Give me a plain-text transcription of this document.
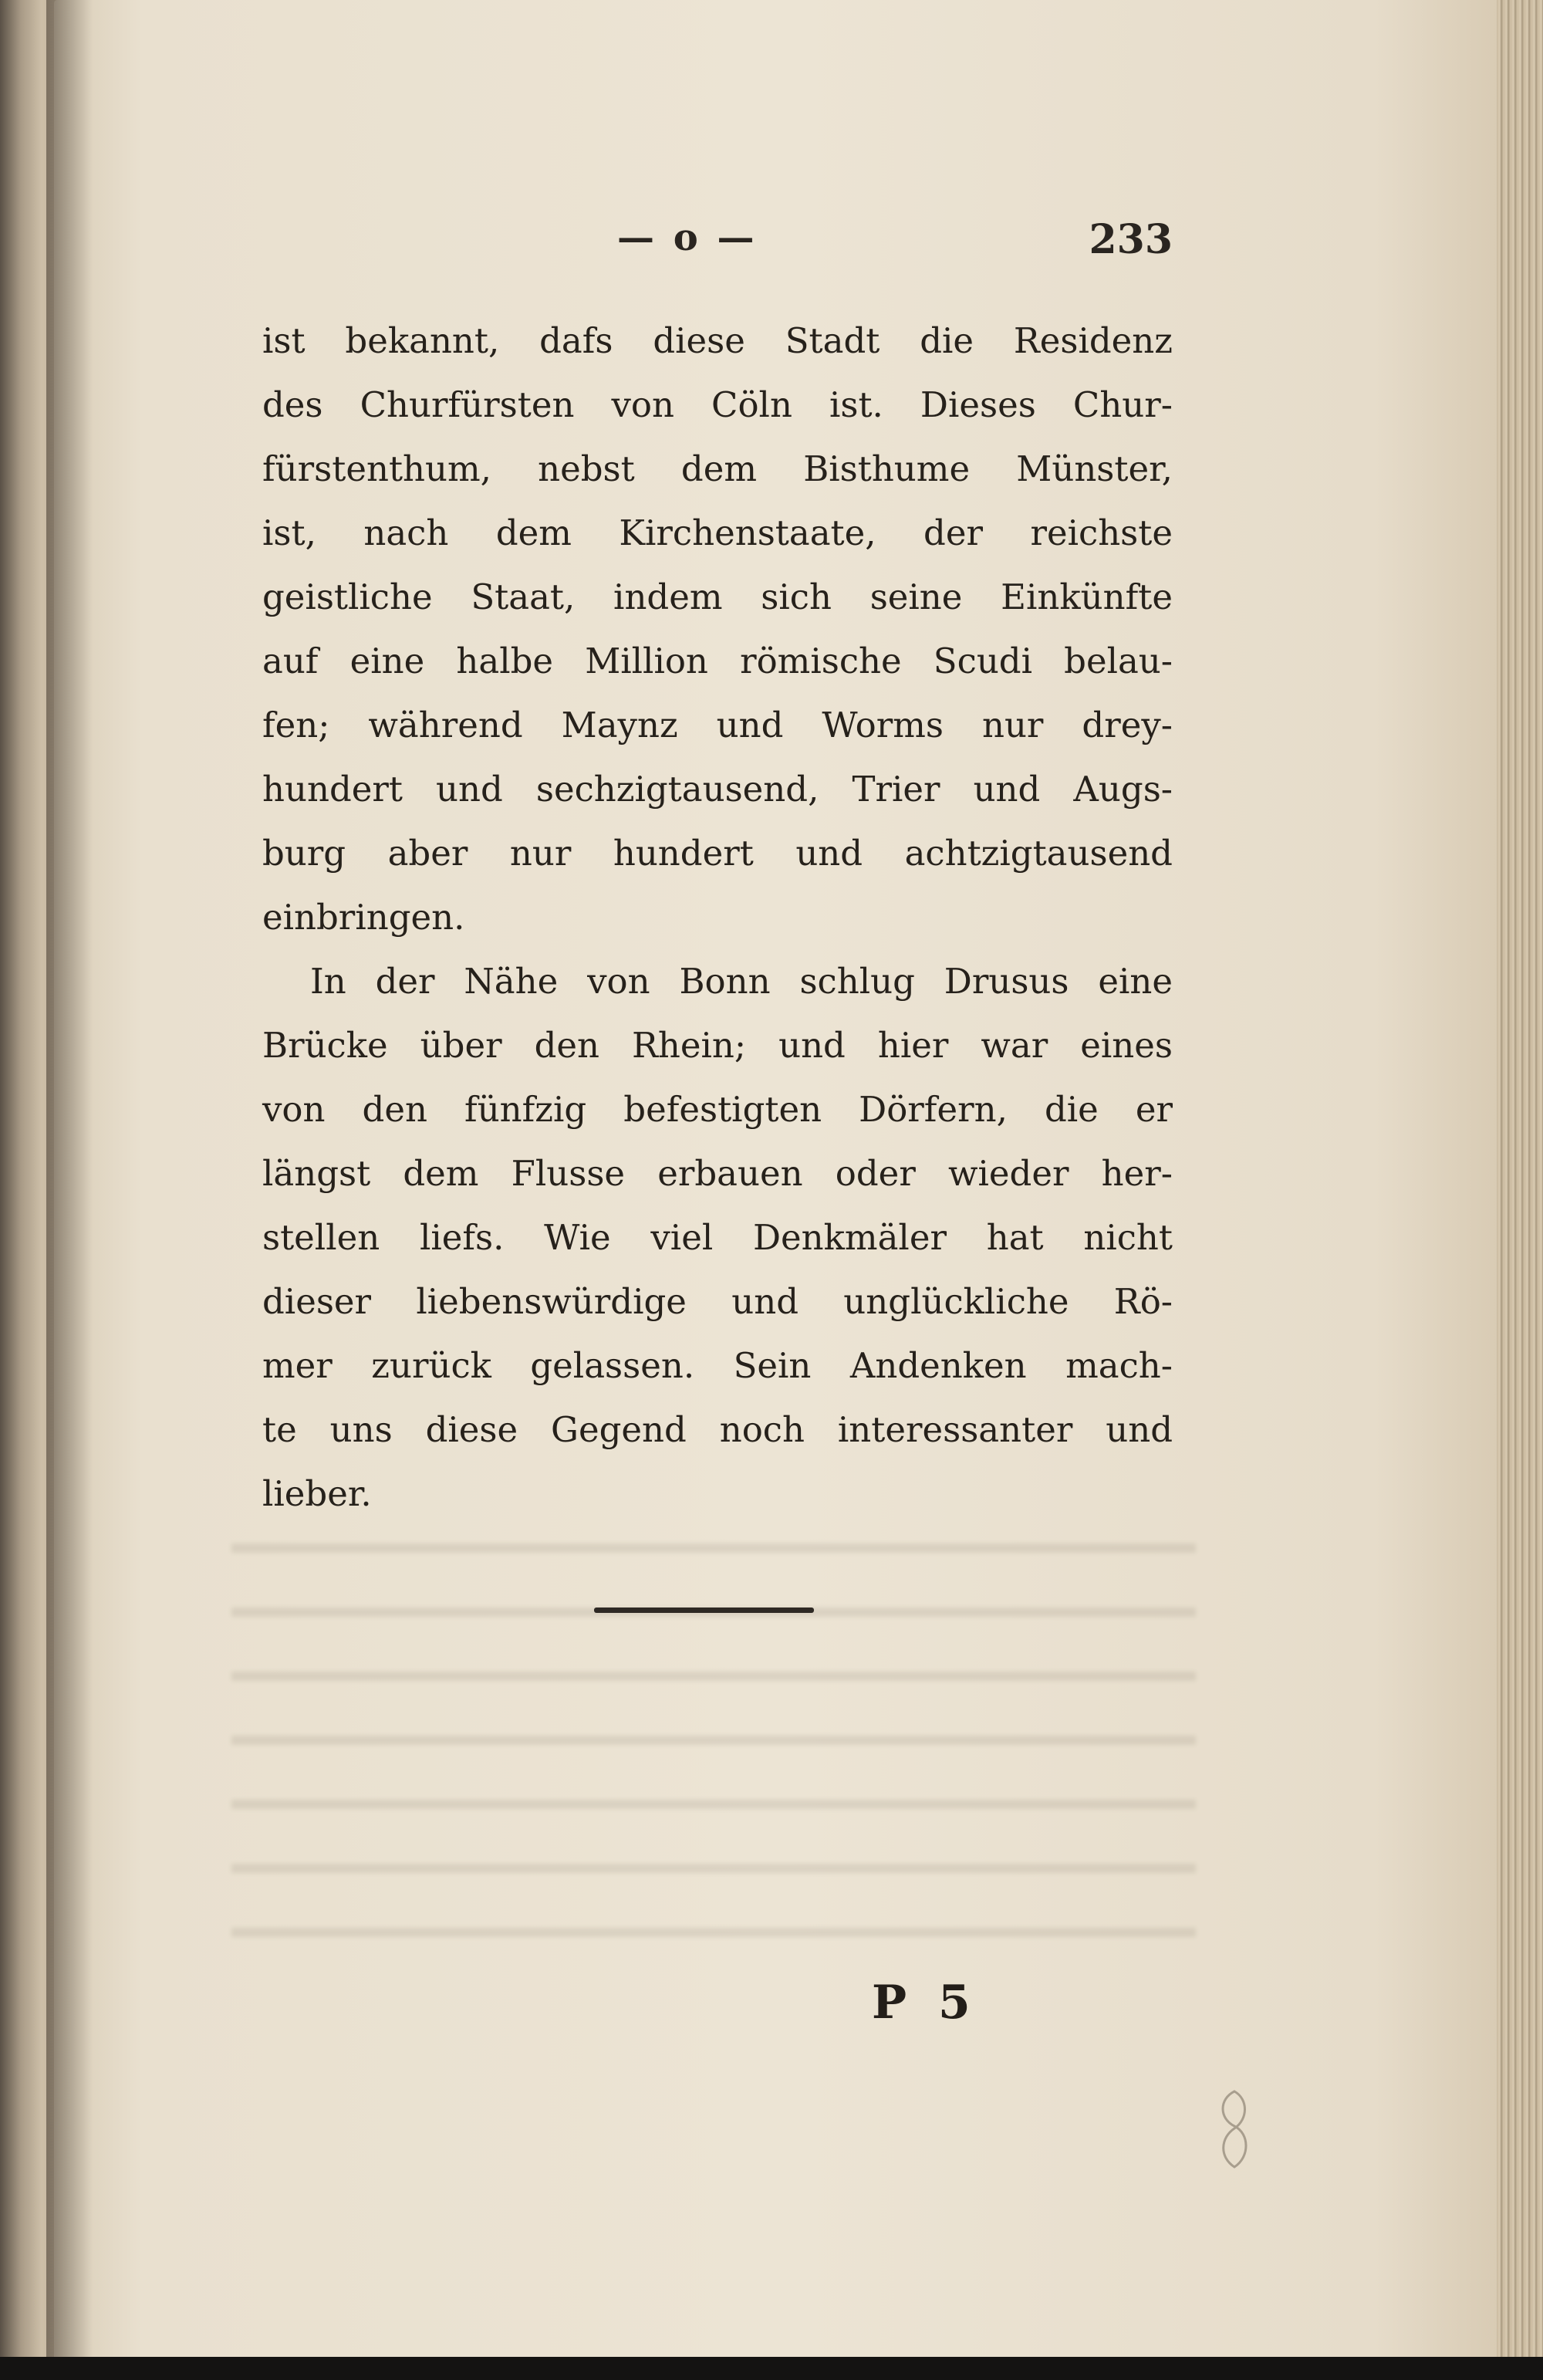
— o —	233
ist bekannt, dafs diese Stadt die Residenz
des Churfürsten von Cöln ist. Dieses Chur-
fürstenthum, nebst dem Bisthume Münster,
ist, nach dem Kirchenstaate, der reichste
geistliche Staat, indem sich seine Einkünfte
auf eine halbe Million römische Scudi belau-
fen; während Maynz und Worms nur drey-
hundert und sechzigtausend, Trier und Augs-
burg aber nur hundert und achtzigtausend
einbringen.
In der Nähe von Bonn schlug Drusus eine
Brücke über den Rhein; und hier war eines
von den fünfzig befestigten Dörfern, die er
längst dem Flusse erbauen oder wieder her-
stellen liefs. Wie viel Denkmäler hat nicht
dieser liebenswürdige und unglückliche Rö-
mer zurück gelassen. Sein Andenken mach-
te uns diese Gegend noch interessanter und
lieber.
P 5
